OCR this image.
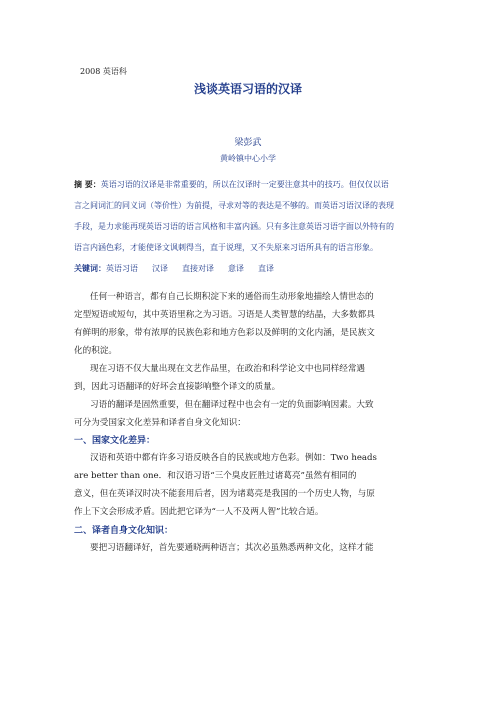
2008 英语科
浅谈英语习语的汉译
梁彭武
黄岭镇中心小学
摘 要：英语习语的汉译是非常重要的，所以在汉译时一定要注意其中的技巧。但仅仅以语
言之间词汇的同义词（等价性）为前提，寻求对等的表达是不够的。而英语习语汉译的表现
手段，是力求能再现英语习语的语言风格和丰富内涵。只有多注意英语习语字面以外特有的
语言内涵色彩，才能使译文讽刺得当，直于说理，又不失原来习语所具有的语言形象。
关键词：英语习语 汉译 直接对译 意译 直译
任何一种语言，都有自己长期积淀下来的通俗而生动形象地描绘人情世态的
定型短语或短句，其中英语里称之为习语。习语是人类智慧的结晶，大多数都具
有鲜明的形象，带有浓厚的民族色彩和地方色彩以及鲜明的文化内涵，是民族文
化的积淀。
现在习语不仅大量出现在文艺作品里，在政治和科学论文中也同样经常遇
到，因此习语翻译的好坏会直接影响整个译文的质量。
习语的翻译是固然重要，但在翻译过程中也会有一定的负面影响因素。大致
可分为受国家文化差异和译者自身文化知识：
一、国家文化差异：
汉语和英语中都有许多习语反映各自的民族或地方色彩。例如：Two heads
are better than one．和汉语习语“三个臭皮匠胜过诸葛亮”虽然有相同的
意义，但在英译汉时决不能套用后者，因为诸葛亮是我国的一个历史人物，与原
作上下文会形成矛盾。因此把它译为“一人不及两人智”比较合适。
二、译者自身文化知识：
要把习语翻译好，首先要通晓两种语言；其次必虽熟悉两种文化，这样才能
